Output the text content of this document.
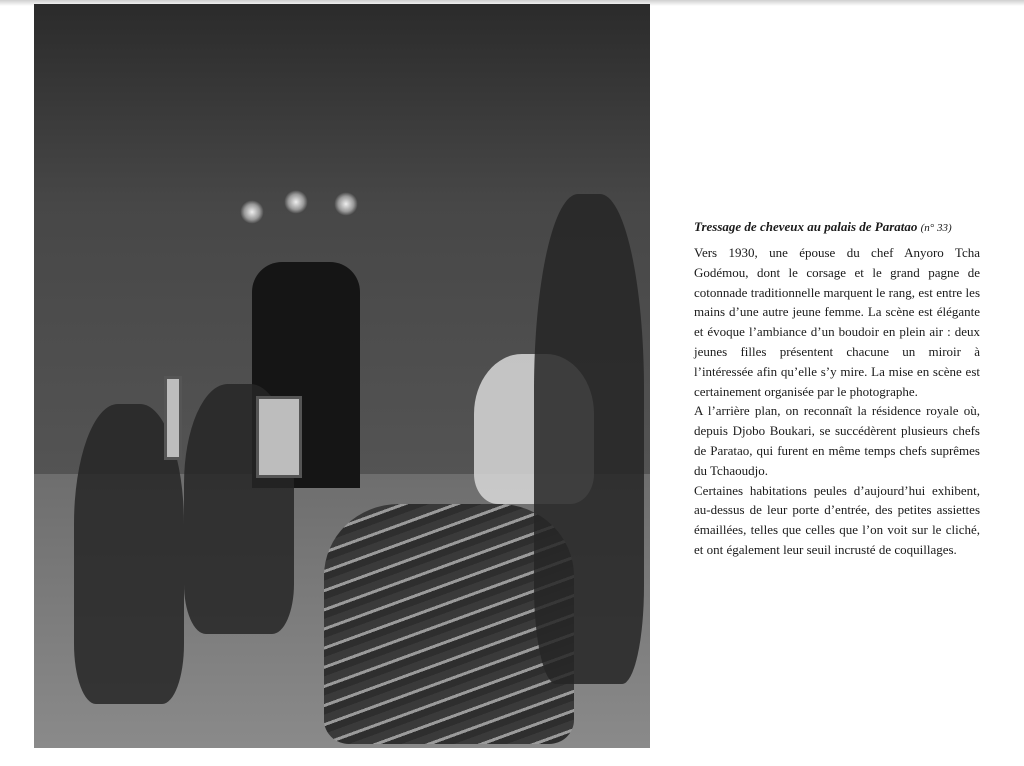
Tressage de cheveux au palais de Paratao (n° 33)

Vers 1930, une épouse du chef Anyoro Tcha Godémou, dont le corsage et le grand pagne de cotonnade traditionnelle marquent le rang, est entre les mains d’une autre jeune femme. La scène est élégante et évoque l’ambiance d’un boudoir en plein air : deux jeunes filles présentent chacune un miroir à l’intéressée afin qu’elle s’y mire. La mise en scène est certainement organisée par le photographe.

A l’arrière plan, on reconnaît la résidence royale où, depuis Djobo Boukari, se succédèrent plusieurs chefs de Paratao, qui furent en même temps chefs suprêmes du Tchaoudjo.

Certaines habitations peules d’aujourd’hui exhibent, au-dessus de leur porte d’entrée, des petites assiettes émaillées, telles que celles que l’on voit sur le cliché, et ont également leur seuil incrusté de coquillages.
